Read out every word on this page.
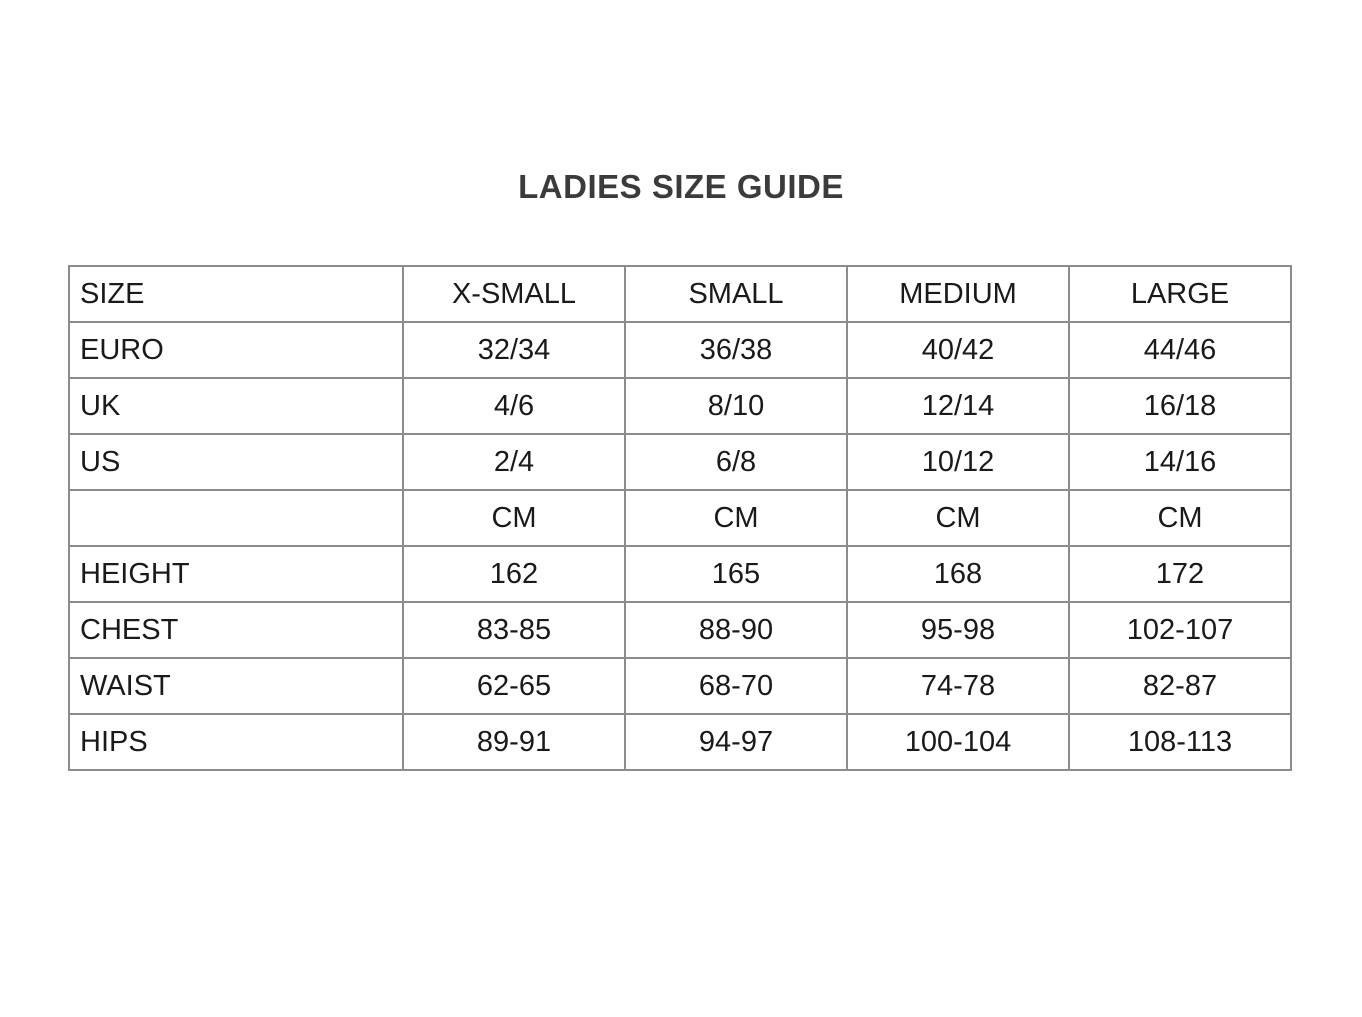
LADIES SIZE GUIDE
SIZE	X-SMALL	SMALL	MEDIUM	LARGE
EURO	32/34	36/38	40/42	44/46
UK	4/6	8/10	12/14	16/18
US	2/4	6/8	10/12	14/16
	CM	CM	CM	CM
HEIGHT	162	165	168	172
CHEST	83-85	88-90	95-98	102-107
WAIST	62-65	68-70	74-78	82-87
HIPS	89-91	94-97	100-104	108-113
